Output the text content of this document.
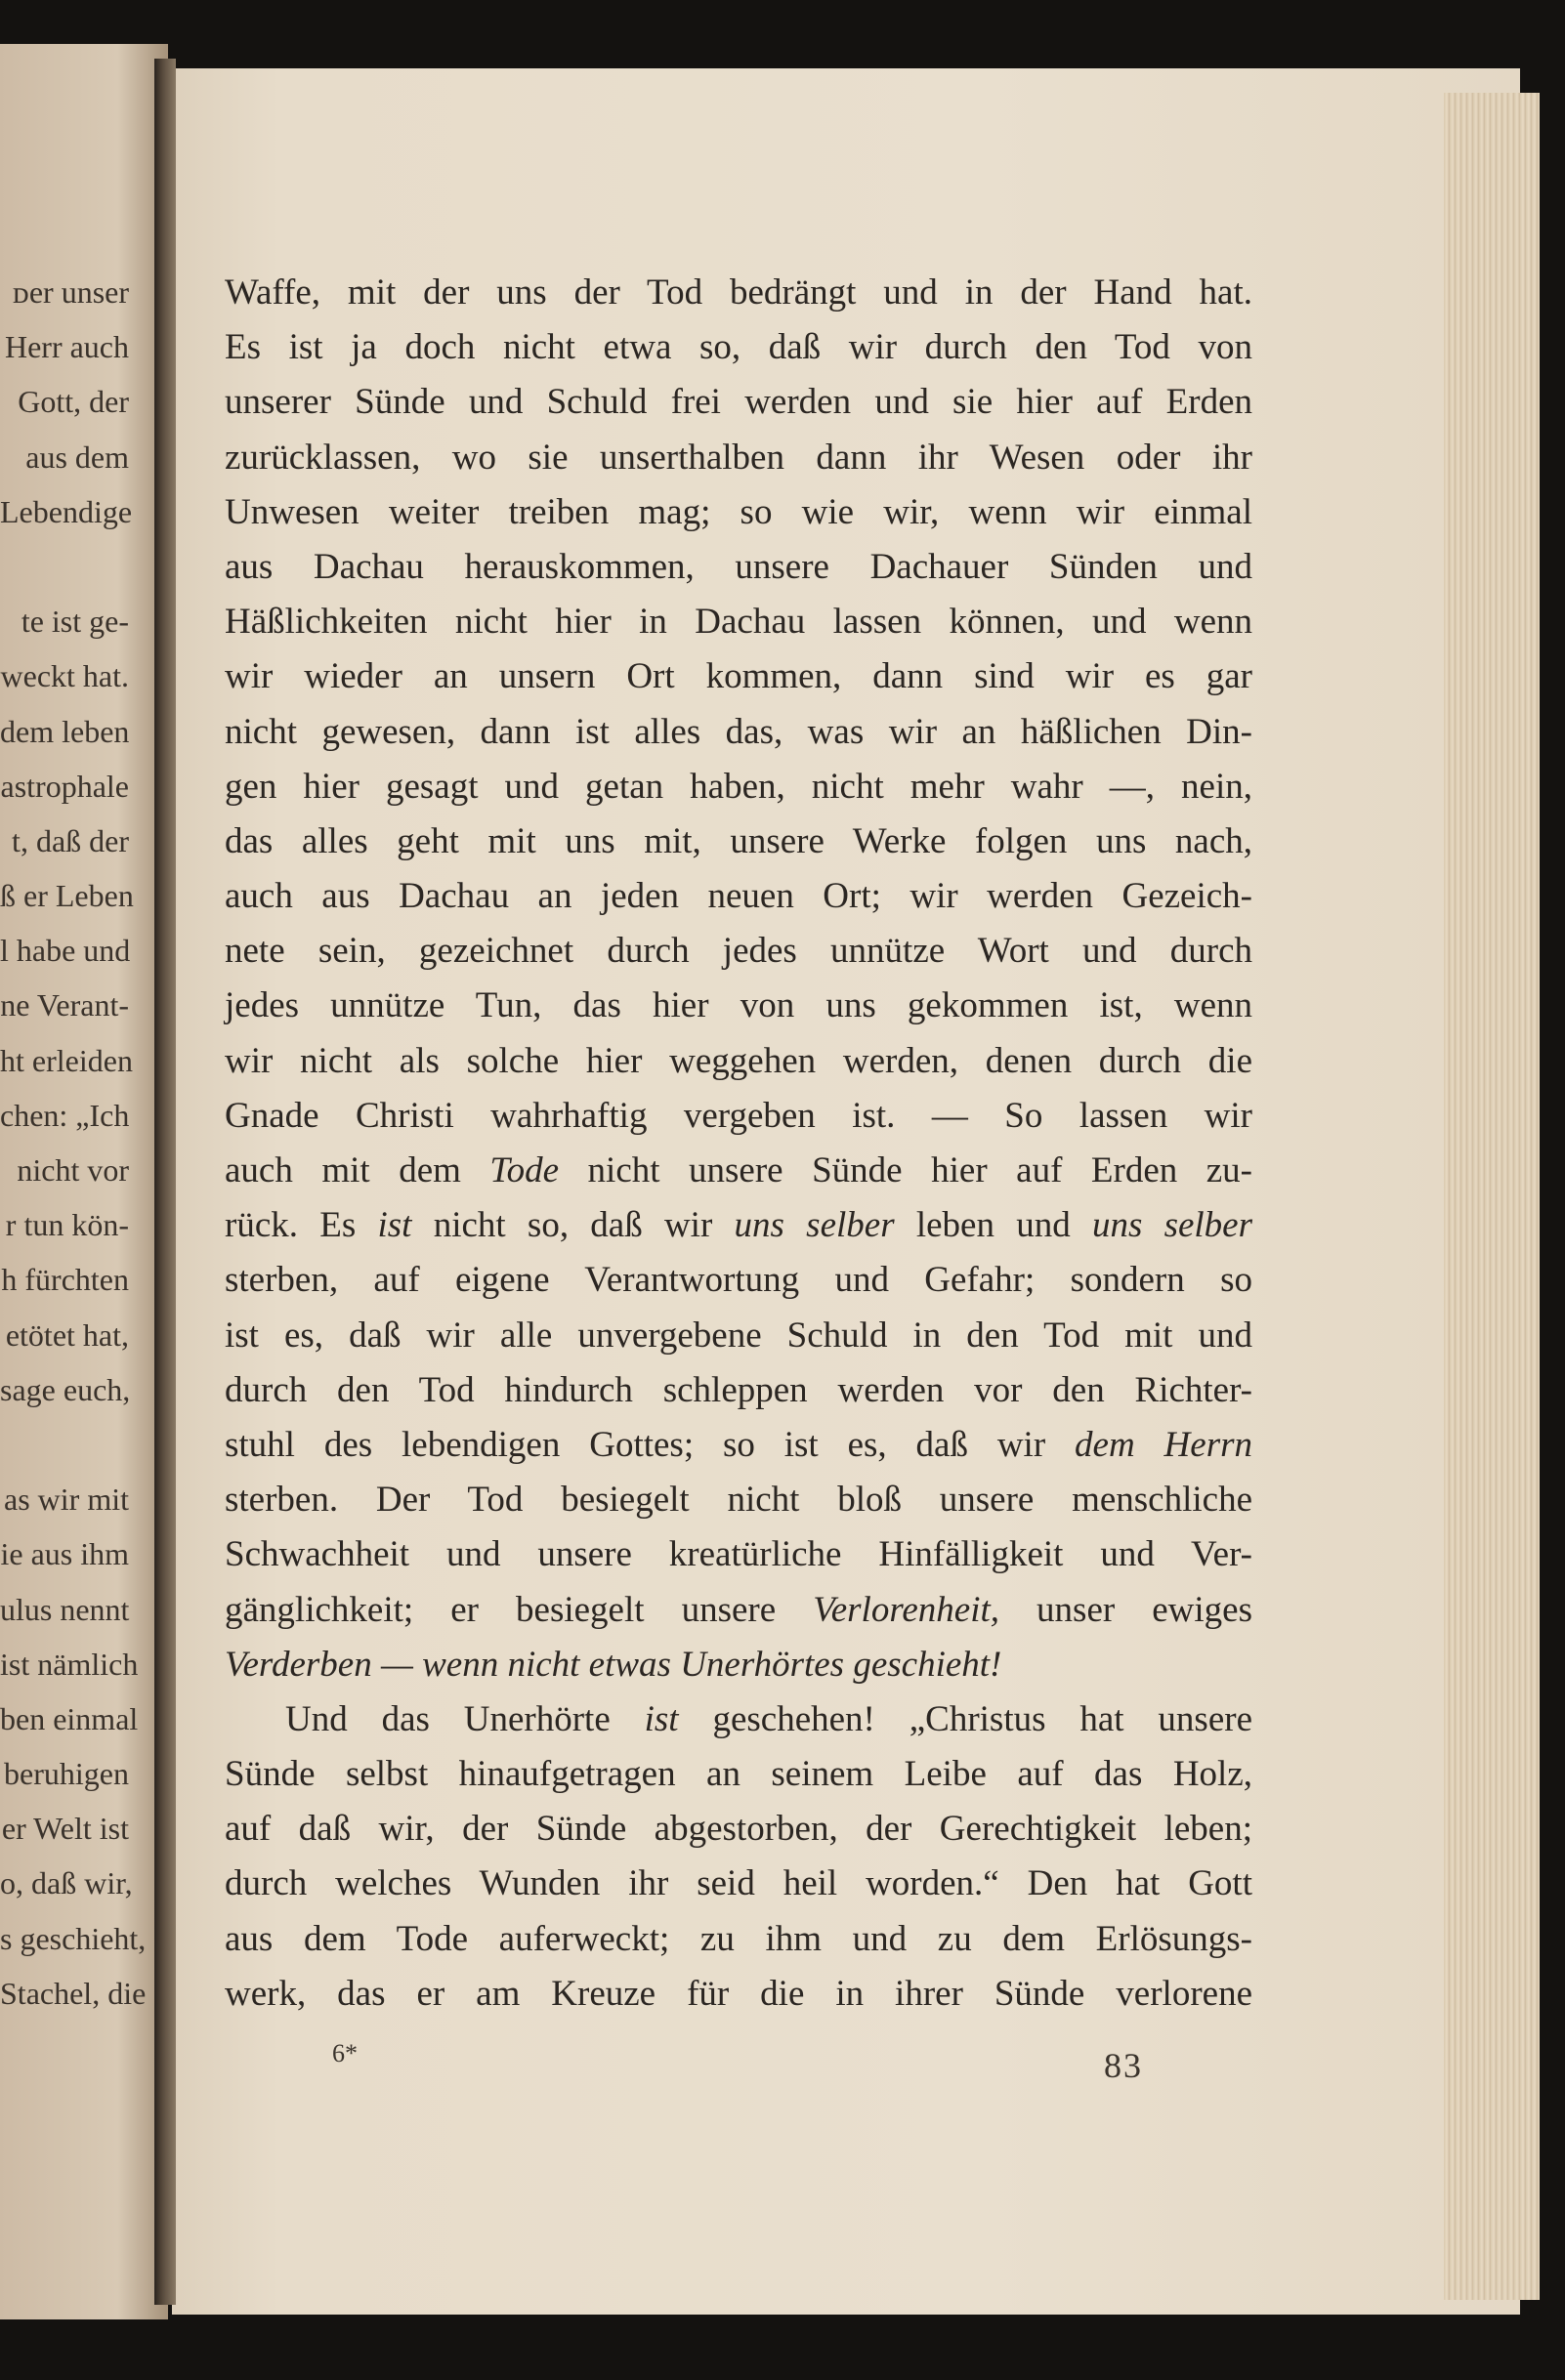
ᴅer unser
Herr auch
Gott, der
aus dem
Lebendige
te ist ge-
weckt hat.
dem leben
astrophale
t, daß der
ß er Leben
l habe und
ne Verant-
ht erleiden
chen: „Ich
nicht vor
r tun kön-
h fürchten
etötet hat,
sage euch,
as wir mit
ie aus ihm
ulus nennt
ist nämlich
ben einmal
beruhigen
er Welt ist
o, daß wir,
s geschieht,
Stachel, die
Waffe, mit der uns der Tod bedrängt und in der Hand hat.
Es ist ja doch nicht etwa so, daß wir durch den Tod von
unserer Sünde und Schuld frei werden und sie hier auf Erden
zurücklassen, wo sie unserthalben dann ihr Wesen oder ihr
Unwesen weiter treiben mag; so wie wir, wenn wir einmal
aus Dachau herauskommen, unsere Dachauer Sünden und
Häßlichkeiten nicht hier in Dachau lassen können, und wenn
wir wieder an unsern Ort kommen, dann sind wir es gar
nicht gewesen, dann ist alles das, was wir an häßlichen Din-
gen hier gesagt und getan haben, nicht mehr wahr —, nein,
das alles geht mit uns mit, unsere Werke folgen uns nach,
auch aus Dachau an jeden neuen Ort; wir werden Gezeich-
nete sein, gezeichnet durch jedes unnütze Wort und durch
jedes unnütze Tun, das hier von uns gekommen ist, wenn
wir nicht als solche hier weggehen werden, denen durch die
Gnade Christi wahrhaftig vergeben ist. — So lassen wir
auch mit dem Tode nicht unsere Sünde hier auf Erden zu-
rück. Es ist nicht so, daß wir uns selber leben und uns selber
sterben, auf eigene Verantwortung und Gefahr; sondern so
ist es, daß wir alle unvergebene Schuld in den Tod mit und
durch den Tod hindurch schleppen werden vor den Richter-
stuhl des lebendigen Gottes; so ist es, daß wir dem Herrn
sterben. Der Tod besiegelt nicht bloß unsere menschliche
Schwachheit und unsere kreatürliche Hinfälligkeit und Ver-
gänglichkeit; er besiegelt unsere Verlorenheit, unser ewiges
Verderben — wenn nicht etwas Unerhörtes geschieht!
Und das Unerhörte ist geschehen! „Christus hat unsere
Sünde selbst hinaufgetragen an seinem Leibe auf das Holz,
auf daß wir, der Sünde abgestorben, der Gerechtigkeit leben;
durch welches Wunden ihr seid heil worden.“ Den hat Gott
aus dem Tode auferweckt; zu ihm und zu dem Erlösungs-
werk, das er am Kreuze für die in ihrer Sünde verlorene
6*	83
